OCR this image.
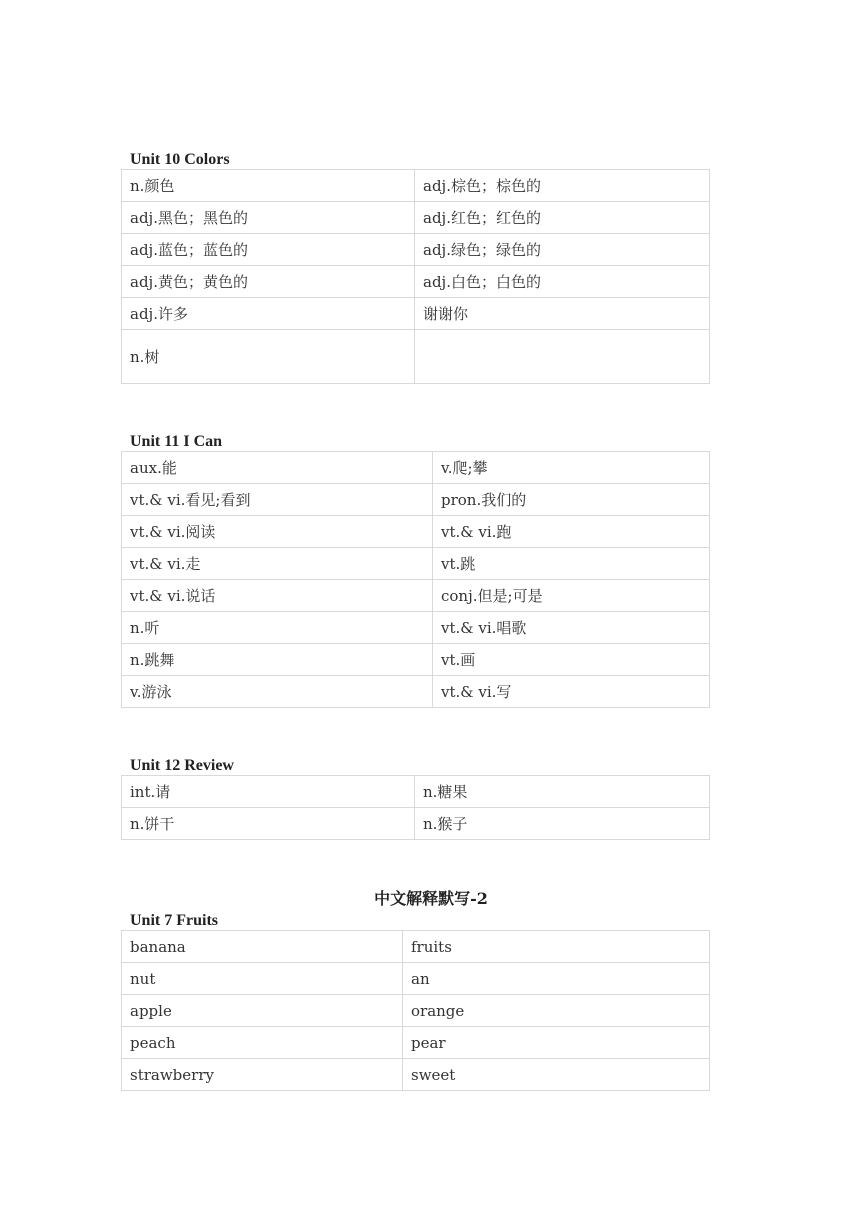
Unit 10 Colors
n.颜色	adj.棕色；棕色的
adj.黑色；黑色的	adj.红色；红色的
adj.蓝色；蓝色的	adj.绿色；绿色的
adj.黄色；黄色的	adj.白色；白色的
adj.许多	谢谢你
n.树	
Unit 11 I Can
aux.能	v.爬;攀
vt.& vi.看见;看到	pron.我们的
vt.& vi.阅读	vt.& vi.跑
vt.& vi.走	vt.跳
vt.& vi.说话	conj.但是;可是
n.听	vt.& vi.唱歌
n.跳舞	vt.画
v.游泳	vt.& vi.写
Unit 12 Review
int.请	n.糖果
n.饼干	n.猴子
中文解释默写-2
Unit 7 Fruits
banana	fruits
nut	an
apple	orange
peach	pear
strawberry	sweet
